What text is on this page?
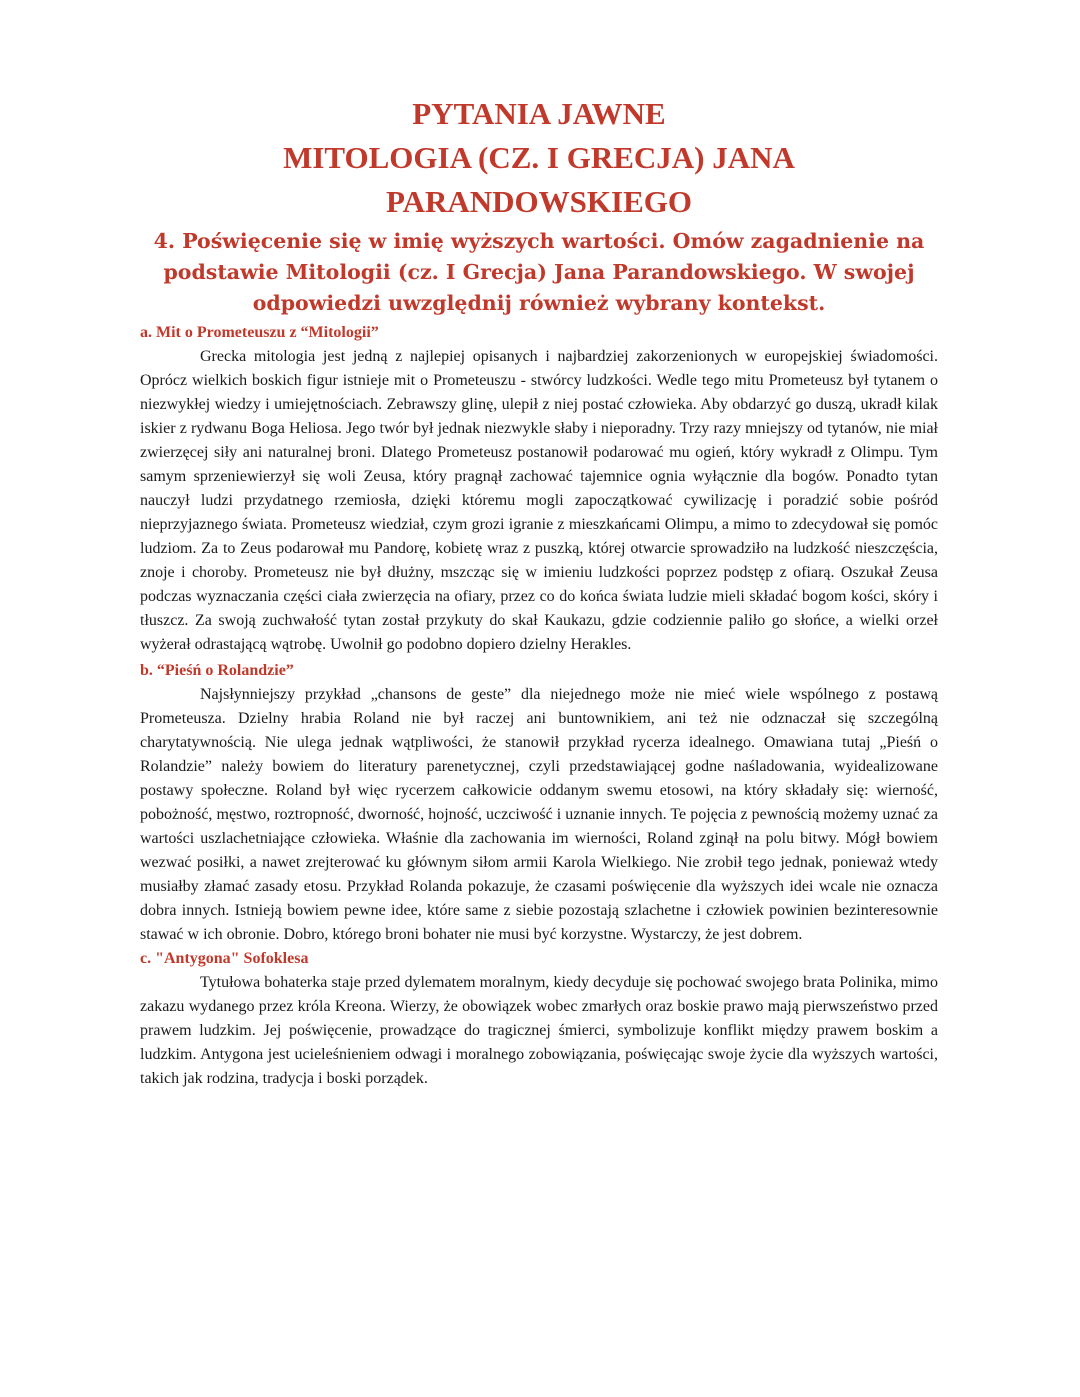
PYTANIA JAWNE
MITOLOGIA (CZ. I GRECJA) JANA
PARANDOWSKIEGO
4. Poświęcenie się w imię wyższych wartości. Omów zagadnienie na podstawie Mitologii (cz. I Grecja) Jana Parandowskiego. W swojej odpowiedzi uwzględnij również wybrany kontekst.
a. Mit o Prometeuszu z “Mitologii”

Grecka mitologia jest jedną z najlepiej opisanych i najbardziej zakorzenionych w europejskiej świadomości. Oprócz wielkich boskich figur istnieje mit o Prometeuszu - stwórcy ludzkości. Wedle tego mitu Prometeusz był tytanem o niezwykłej wiedzy i umiejętnościach. Zebrawszy glinę, ulepił z niej postać człowieka. Aby obdarzyć go duszą, ukradł kilak iskier z rydwanu Boga Heliosa. Jego twór był jednak niezwykle słaby i nieporadny. Trzy razy mniejszy od tytanów, nie miał zwierzęcej siły ani naturalnej broni. Dlatego Prometeusz postanowił podarować mu ogień, który wykradł z Olimpu. Tym samym sprzeniewierzył się woli Zeusa, który pragnął zachować tajemnice ognia wyłącznie dla bogów. Ponadto tytan nauczył ludzi przydatnego rzemiosła, dzięki któremu mogli zapoczątkować cywilizację i poradzić sobie pośród nieprzyjaznego świata. Prometeusz wiedział, czym grozi igranie z mieszkańcami Olimpu, a mimo to zdecydował się pomóc ludziom. Za to Zeus podarował mu Pandorę, kobietę wraz z puszką, której otwarcie sprowadziło na ludzkość nieszczęścia, znoje i choroby. Prometeusz nie był dłużny, mszcząc się w imieniu ludzkości poprzez podstęp z ofiarą. Oszukał Zeusa podczas wyznaczania części ciała zwierzęcia na ofiary, przez co do końca świata ludzie mieli składać bogom kości, skóry i tłuszcz. Za swoją zuchwałość tytan został przykuty do skał Kaukazu, gdzie codziennie paliło go słońce, a wielki orzeł wyżerał odrastającą wątrobę. Uwolnił go podobno dopiero dzielny Herakles.

b. “Pieśń o Rolandzie”

Najsłynniejszy przykład „chansons de geste” dla niejednego może nie mieć wiele wspólnego z postawą Prometeusza. Dzielny hrabia Roland nie był raczej ani buntownikiem, ani też nie odznaczał się szczególną charytatywnością. Nie ulega jednak wątpliwości, że stanowił przykład rycerza idealnego. Omawiana tutaj „Pieśń o Rolandzie” należy bowiem do literatury parenetycznej, czyli przedstawiającej godne naśladowania, wyidealizowane postawy społeczne. Roland był więc rycerzem całkowicie oddanym swemu etosowi, na który składały się: wierność, pobożność, męstwo, roztropność, dworność, hojność, uczciwość i uznanie innych. Te pojęcia z pewnością możemy uznać za wartości uszlachetniające człowieka. Właśnie dla zachowania im wierności, Roland zginął na polu bitwy. Mógł bowiem wezwać posiłki, a nawet zrejterować ku głównym siłom armii Karola Wielkiego. Nie zrobił tego jednak, ponieważ wtedy musiałby złamać zasady etosu. Przykład Rolanda pokazuje, że czasami poświęcenie dla wyższych idei wcale nie oznacza dobra innych. Istnieją bowiem pewne idee, które same z siebie pozostają szlachetne i człowiek powinien bezinteresownie stawać w ich obronie. Dobro, którego broni bohater nie musi być korzystne. Wystarczy, że jest dobrem.

c. "Antygona" Sofoklesa

Tytułowa bohaterka staje przed dylematem moralnym, kiedy decyduje się pochować swojego brata Polinika, mimo zakazu wydanego przez króla Kreona. Wierzy, że obowiązek wobec zmarłych oraz boskie prawo mają pierwszeństwo przed prawem ludzkim. Jej poświęcenie, prowadzące do tragicznej śmierci, symbolizuje konflikt między prawem boskim a ludzkim. Antygona jest ucieleśnieniem odwagi i moralnego zobowiązania, poświęcając swoje życie dla wyższych wartości, takich jak rodzina, tradycja i boski porządek.
